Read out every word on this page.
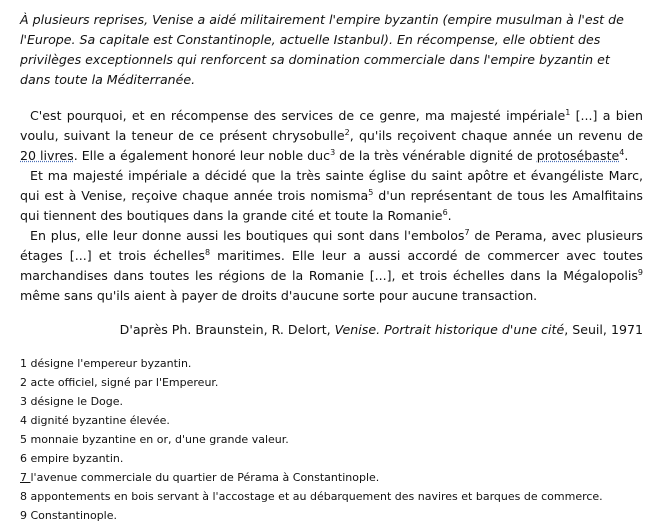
À plusieurs reprises, Venise a aidé militairement l'empire byzantin (empire musulman à l'est de l'Europe. Sa capitale est Constantinople, actuelle Istanbul). En récompense, elle obtient des privilèges exceptionnels qui renforcent sa domination commerciale dans l'empire byzantin et dans toute la Méditerranée.

C'est pourquoi, et en récompense des services de ce genre, ma majesté impériale$^1$ [...] a bien voulu, suivant la teneur de ce présent chrysobulle$^2$, qu'ils reçoivent chaque année un revenu de 20 livres. Elle a également honoré leur noble duc$^3$ de la très vénérable dignité de protosébaste$^4$.

Et ma majesté impériale a décidé que la très sainte église du saint apôtre et évangéliste Marc, qui est à Venise, reçoive chaque année trois nomisma$^5$ d'un représentant de tous les Amalfitains qui tiennent des boutiques dans la grande cité et toute la Romanie$^6$.

En plus, elle leur donne aussi les boutiques qui sont dans l'embolos$^7$ de Perama, avec plusieurs étages [...] et trois échelles$^8$ maritimes. Elle leur a aussi accordé de commercer avec toutes marchandises dans toutes les régions de la Romanie [...], et trois échelles dans la Mégalopolis$^9$ même sans qu'ils aient à payer de droits d'aucune sorte pour aucune transaction.

D'après Ph. Braunstein, R. Delort, Venise. Portrait historique d'une cité, Seuil, 1971
1 désigne l'empereur byzantin.
2 acte officiel, signé par l'Empereur.
3 désigne le Doge.
4 dignité byzantine élevée.
5 monnaie byzantine en or, d'une grande valeur.
6 empire byzantin.
7 l'avenue commerciale du quartier de Pérama à Constantinople.
8 appontements en bois servant à l'accostage et au débarquement des navires et barques de commerce.
9 Constantinople.
